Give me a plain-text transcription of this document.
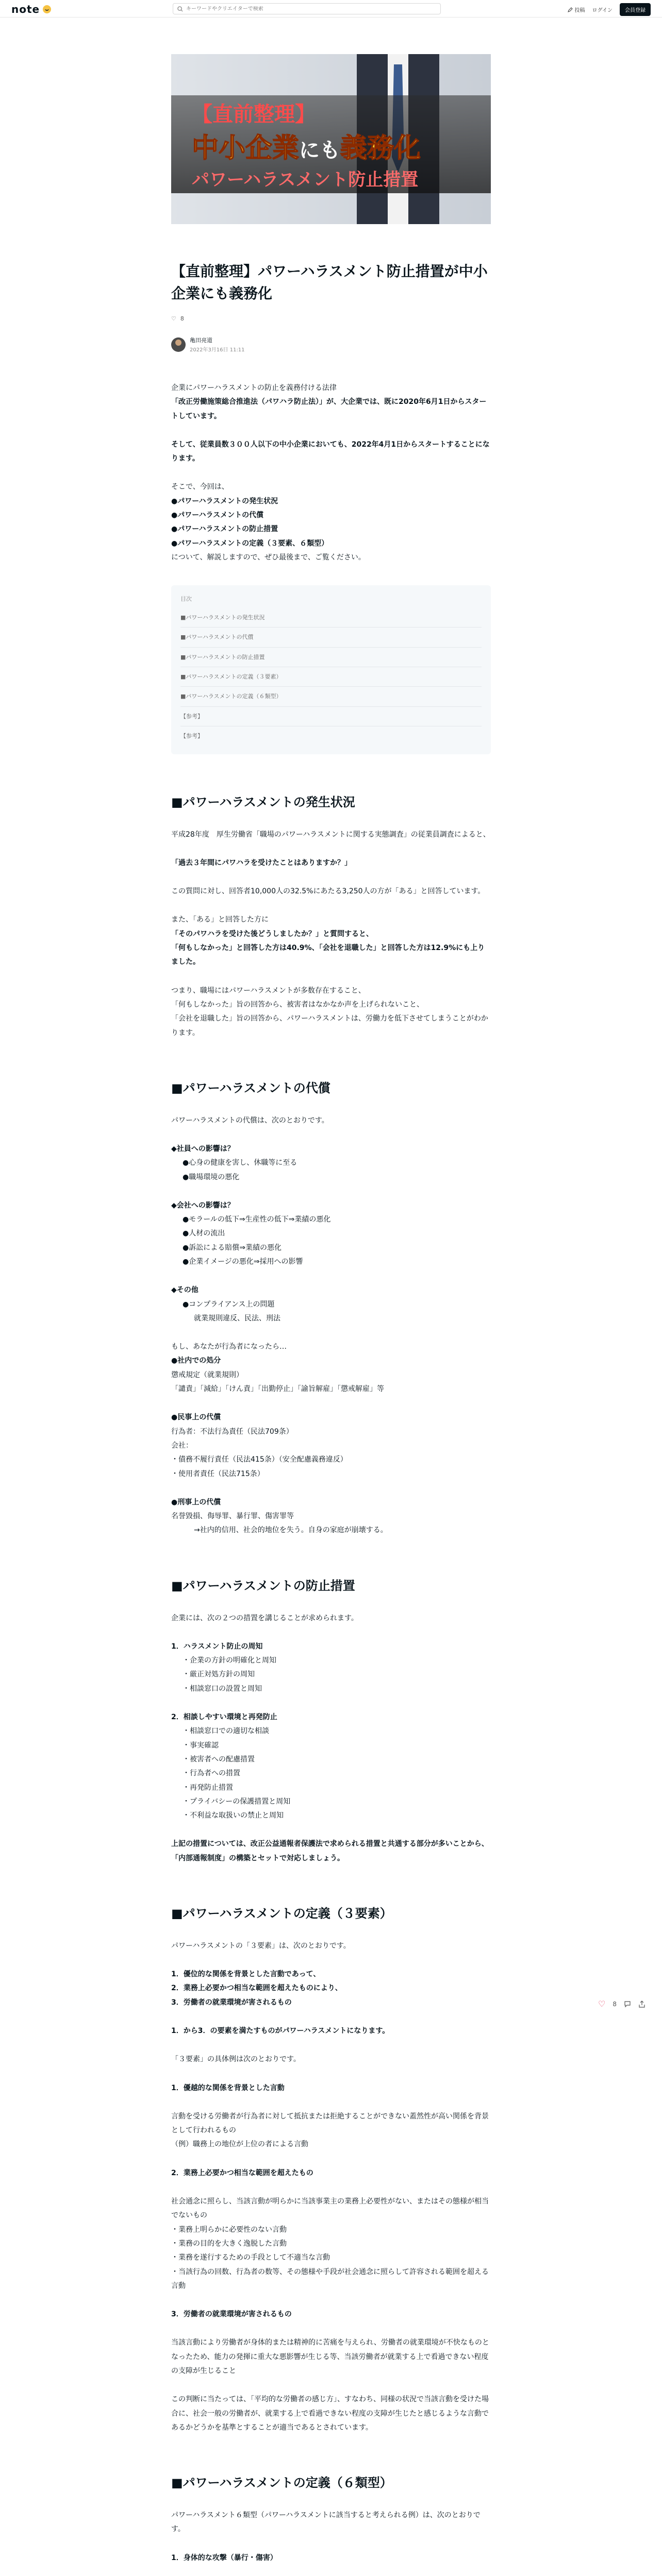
note
キーワードやクリエイターで検索	投稿 ログイン	会員登録
【直前整理】
中小企業にも義務化
パワーハラスメント防止措置
【直前整理】パワーハラスメント防止措置が中小企業にも義務化
♡ 8
亀田亮道
2022年3月16日 11:11

企業にパワーハラスメントの防止を義務付ける法律

「改正労働施策総合推進法（パワハラ防止法）」が、大企業では、既に2020年6月1日からスタートしています。

そして、従業員数３００人以下の中小企業においても、2022年4月1日からスタートすることになります。

そこで、今回は、

●パワーハラスメントの発生状況

●パワーハラスメントの代償

●パワーハラスメントの防止措置

●パワーハラスメントの定義（３要素、６類型）

について、解説しますので、ぜひ最後まで、ご覧ください。

目次
■パワーハラスメントの発生状況
■パワーハラスメントの代償
■パワーハラスメントの防止措置
■パワーハラスメントの定義（３要素）
■パワーハラスメントの定義（６類型）
【参考】
【参考】
■パワーハラスメントの発生状況

平成28年度　厚生労働省「職場のパワーハラスメントに関する実態調査」の従業員調査によると、

「過去３年間にパワハラを受けたことはありますか？」

この質問に対し、回答者10,000人の32.5%にあたる3,250人の方が「ある」と回答しています。

また、「ある」と回答した方に

「そのパワハラを受けた後どうしましたか？」と質問すると、

「何もしなかった」と回答した方は40.9%、「会社を退職した」と回答した方は12.9%にも上りました。

つまり、職場にはパワーハラスメントが多数存在すること、

「何もしなかった」旨の回答から、被害者はなかなか声を上げられないこと、

「会社を退職した」旨の回答から、パワーハラスメントは、労働力を低下させてしまうことがわかります。

■パワーハラスメントの代償

パワーハラスメントの代償は、次のとおりです。

◆社員への影響は？

●心身の健康を害し、休職等に至る

●職場環境の悪化

◆会社への影響は？

●モラールの低下⇒生産性の低下⇒業績の悪化

●人材の流出

●訴訟による賠償⇒業績の悪化

●企業イメージの悪化⇒採用への影響

◆その他

●コンプライアンス上の問題

就業規則違反、民法、刑法

もし、あなたが行為者になったら…

●社内での処分

懲戒規定（就業規則）

「譴責」「減給」「けん責」「出勤停止」「諭旨解雇」「懲戒解雇」等

●民事上の代償

行為者：不法行為責任（民法709条）

会社：

・債務不履行責任（民法415条）（安全配慮義務違反）

・使用者責任（民法715条）

●刑事上の代償

名誉毀損、侮辱罪、暴行罪、傷害罪等

→社内的信用、社会的地位を失う。自身の家庭が崩壊する。

■パワーハラスメントの防止措置

企業には、次の２つの措置を講じることが求められます。

1．ハラスメント防止の周知

・企業の方針の明確化と周知

・厳正対処方針の周知

・相談窓口の設置と周知

2．相談しやすい環境と再発防止

・相談窓口での適切な相談

・事実確認

・被害者への配慮措置

・行為者への措置

・再発防止措置

・プライバシーの保護措置と周知

・不利益な取扱いの禁止と周知

上記の措置については、改正公益通報者保護法で求められる措置と共通する部分が多いことから、「内部通報制度」の構築とセットで対応しましょう。

■パワーハラスメントの定義（３要素）

パワーハラスメントの「３要素」は、次のとおりです。

1．優位的な関係を背景とした言動であって、

2．業務上必要かつ相当な範囲を超えたものにより、

3．労働者の就業環境が害されるもの

1．から3．の要素を満たすものがパワーハラスメントになります。

「３要素」の具体例は次のとおりです。

1．優越的な関係を背景とした言動

言動を受ける労働者が行為者に対して抵抗または拒絶することができない蓋然性が高い関係を背景として行われるもの

（例）職務上の地位が上位の者による言動

2．業務上必要かつ相当な範囲を超えたもの

社会通念に照らし、当該言動が明らかに当該事業主の業務上必要性がない、またはその態様が相当でないもの

・業務上明らかに必要性のない言動

・業務の目的を大きく逸脱した言動

・業務を遂行するための手段として不適当な言動

・当該行為の回数、行為者の数等、その態様や手段が社会通念に照らして許容される範囲を超える言動

3．労働者の就業環境が害されるもの

当該言動により労働者が身体的または精神的に苦痛を与えられ、労働者の就業環境が不快なものとなったため、能力の発揮に重大な悪影響が生じる等、当該労働者が就業する上で看過できない程度の支障が生じること

この判断に当たっては、「平均的な労働者の感じ方」、すなわち、同様の状況で当該言動を受けた場合に、社会一般の労働者が、就業する上で看過できない程度の支障が生じたと感じるような言動であるかどうかを基準とすることが適当であるとされています。

■パワーハラスメントの定義（６類型）

パワーハラスメント６類型（パワーハラスメントに該当すると考えられる例）は、次のとおりです。

1．身体的な攻撃（暴行・傷害）

♡ 8
